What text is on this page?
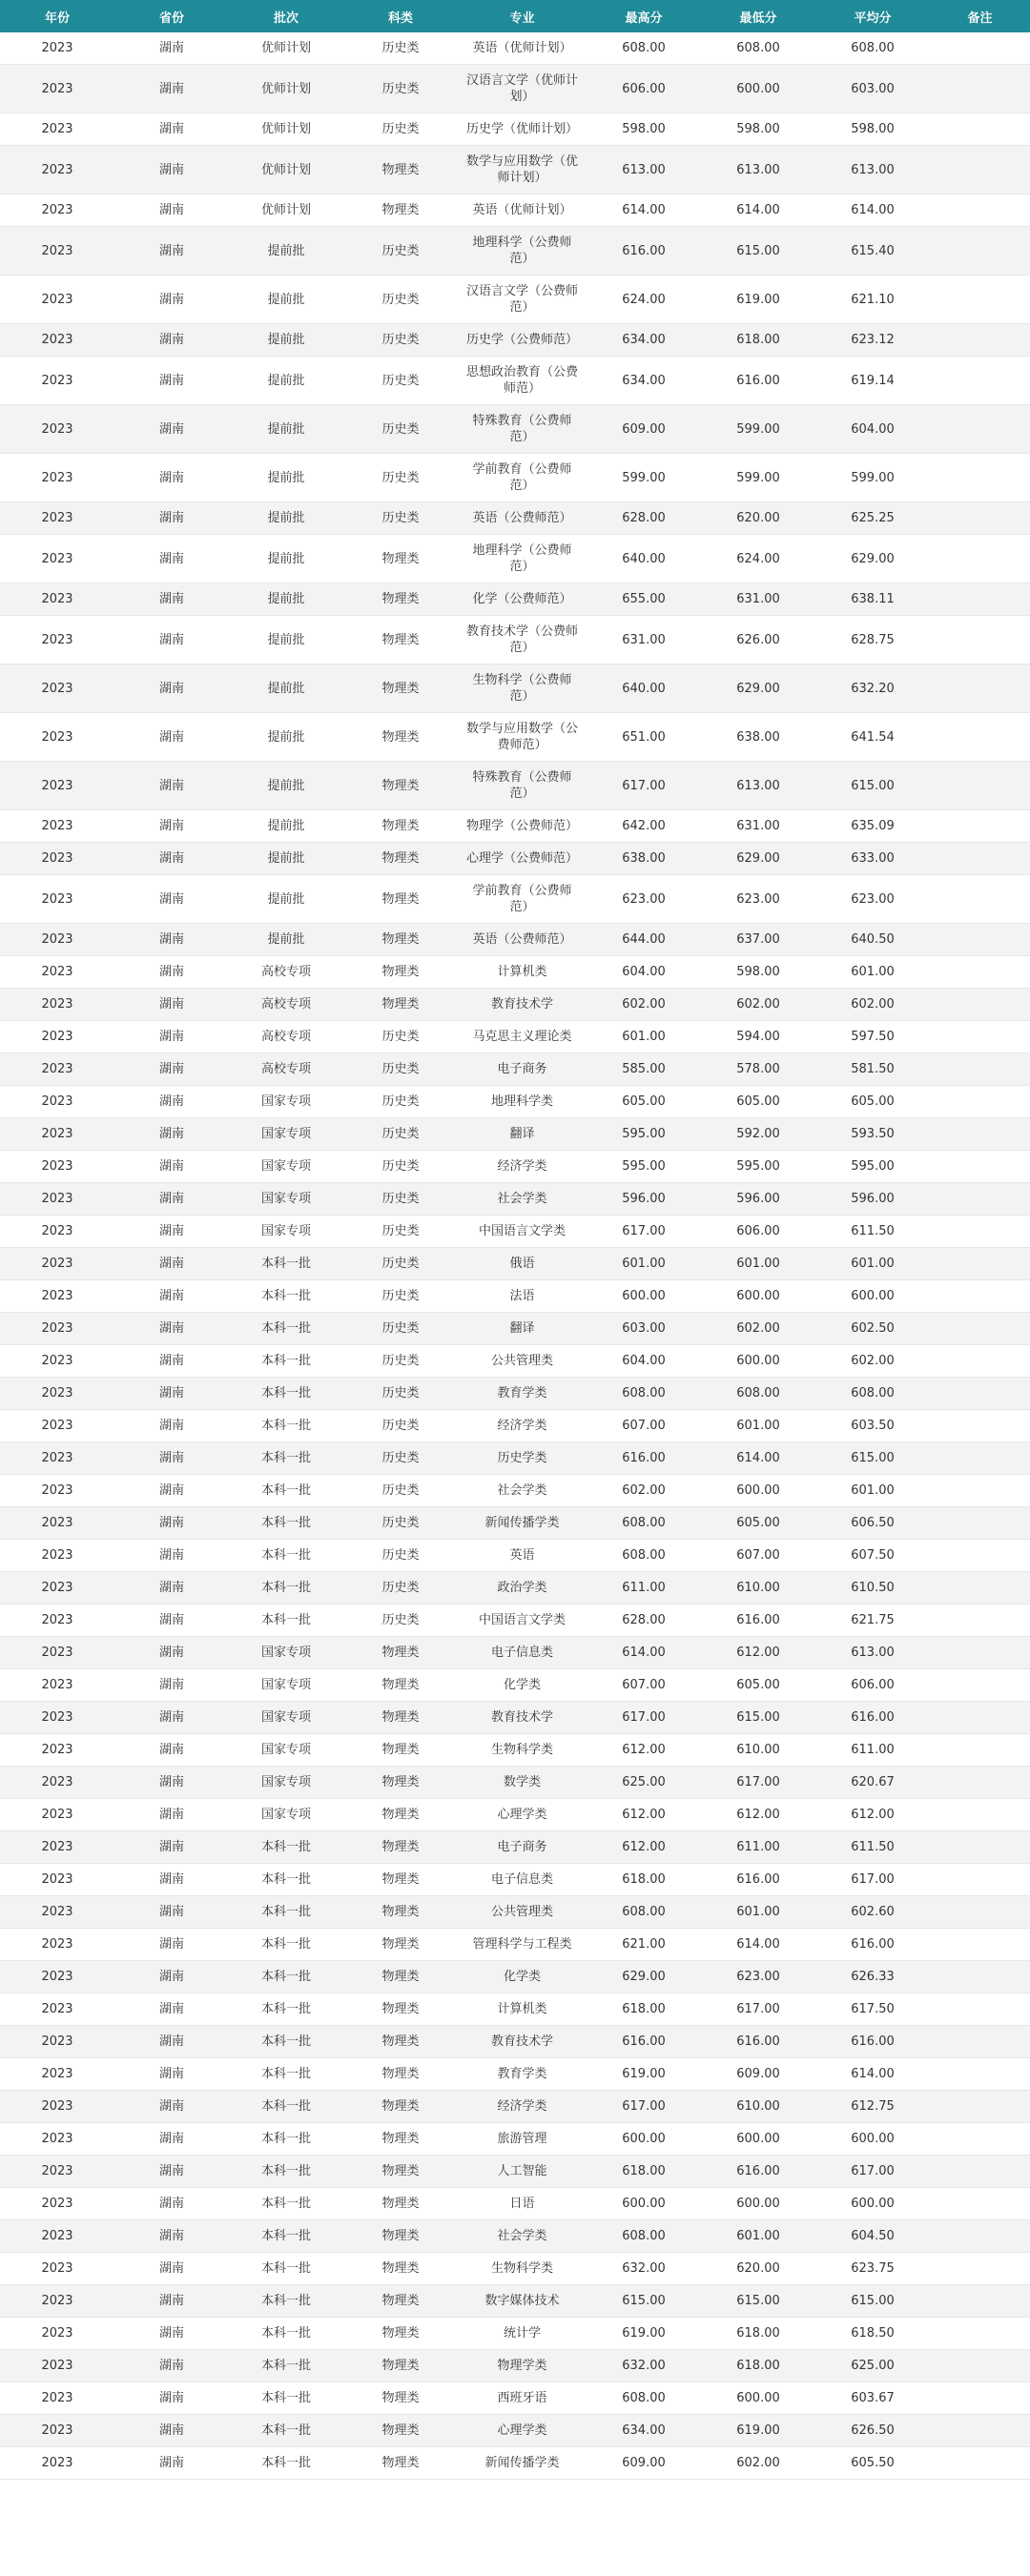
年份	省份	批次	科类	专业	最高分	最低分	平均分	备注
2023	湖南	优师计划	历史类	英语（优师计划）	608.00	608.00	608.00	
2023	湖南	优师计划	历史类	汉语言文学（优师计划）	606.00	600.00	603.00	
2023	湖南	优师计划	历史类	历史学（优师计划）	598.00	598.00	598.00	
2023	湖南	优师计划	物理类	数学与应用数学（优师计划）	613.00	613.00	613.00	
2023	湖南	优师计划	物理类	英语（优师计划）	614.00	614.00	614.00	
2023	湖南	提前批	历史类	地理科学（公费师范）	616.00	615.00	615.40	
2023	湖南	提前批	历史类	汉语言文学（公费师范）	624.00	619.00	621.10	
2023	湖南	提前批	历史类	历史学（公费师范）	634.00	618.00	623.12	
2023	湖南	提前批	历史类	思想政治教育（公费师范）	634.00	616.00	619.14	
2023	湖南	提前批	历史类	特殊教育（公费师范）	609.00	599.00	604.00	
2023	湖南	提前批	历史类	学前教育（公费师范）	599.00	599.00	599.00	
2023	湖南	提前批	历史类	英语（公费师范）	628.00	620.00	625.25	
2023	湖南	提前批	物理类	地理科学（公费师范）	640.00	624.00	629.00	
2023	湖南	提前批	物理类	化学（公费师范）	655.00	631.00	638.11	
2023	湖南	提前批	物理类	教育技术学（公费师范）	631.00	626.00	628.75	
2023	湖南	提前批	物理类	生物科学（公费师范）	640.00	629.00	632.20	
2023	湖南	提前批	物理类	数学与应用数学（公费师范）	651.00	638.00	641.54	
2023	湖南	提前批	物理类	特殊教育（公费师范）	617.00	613.00	615.00	
2023	湖南	提前批	物理类	物理学（公费师范）	642.00	631.00	635.09	
2023	湖南	提前批	物理类	心理学（公费师范）	638.00	629.00	633.00	
2023	湖南	提前批	物理类	学前教育（公费师范）	623.00	623.00	623.00	
2023	湖南	提前批	物理类	英语（公费师范）	644.00	637.00	640.50	
2023	湖南	高校专项	物理类	计算机类	604.00	598.00	601.00	
2023	湖南	高校专项	物理类	教育技术学	602.00	602.00	602.00	
2023	湖南	高校专项	历史类	马克思主义理论类	601.00	594.00	597.50	
2023	湖南	高校专项	历史类	电子商务	585.00	578.00	581.50	
2023	湖南	国家专项	历史类	地理科学类	605.00	605.00	605.00	
2023	湖南	国家专项	历史类	翻译	595.00	592.00	593.50	
2023	湖南	国家专项	历史类	经济学类	595.00	595.00	595.00	
2023	湖南	国家专项	历史类	社会学类	596.00	596.00	596.00	
2023	湖南	国家专项	历史类	中国语言文学类	617.00	606.00	611.50	
2023	湖南	本科一批	历史类	俄语	601.00	601.00	601.00	
2023	湖南	本科一批	历史类	法语	600.00	600.00	600.00	
2023	湖南	本科一批	历史类	翻译	603.00	602.00	602.50	
2023	湖南	本科一批	历史类	公共管理类	604.00	600.00	602.00	
2023	湖南	本科一批	历史类	教育学类	608.00	608.00	608.00	
2023	湖南	本科一批	历史类	经济学类	607.00	601.00	603.50	
2023	湖南	本科一批	历史类	历史学类	616.00	614.00	615.00	
2023	湖南	本科一批	历史类	社会学类	602.00	600.00	601.00	
2023	湖南	本科一批	历史类	新闻传播学类	608.00	605.00	606.50	
2023	湖南	本科一批	历史类	英语	608.00	607.00	607.50	
2023	湖南	本科一批	历史类	政治学类	611.00	610.00	610.50	
2023	湖南	本科一批	历史类	中国语言文学类	628.00	616.00	621.75	
2023	湖南	国家专项	物理类	电子信息类	614.00	612.00	613.00	
2023	湖南	国家专项	物理类	化学类	607.00	605.00	606.00	
2023	湖南	国家专项	物理类	教育技术学	617.00	615.00	616.00	
2023	湖南	国家专项	物理类	生物科学类	612.00	610.00	611.00	
2023	湖南	国家专项	物理类	数学类	625.00	617.00	620.67	
2023	湖南	国家专项	物理类	心理学类	612.00	612.00	612.00	
2023	湖南	本科一批	物理类	电子商务	612.00	611.00	611.50	
2023	湖南	本科一批	物理类	电子信息类	618.00	616.00	617.00	
2023	湖南	本科一批	物理类	公共管理类	608.00	601.00	602.60	
2023	湖南	本科一批	物理类	管理科学与工程类	621.00	614.00	616.00	
2023	湖南	本科一批	物理类	化学类	629.00	623.00	626.33	
2023	湖南	本科一批	物理类	计算机类	618.00	617.00	617.50	
2023	湖南	本科一批	物理类	教育技术学	616.00	616.00	616.00	
2023	湖南	本科一批	物理类	教育学类	619.00	609.00	614.00	
2023	湖南	本科一批	物理类	经济学类	617.00	610.00	612.75	
2023	湖南	本科一批	物理类	旅游管理	600.00	600.00	600.00	
2023	湖南	本科一批	物理类	人工智能	618.00	616.00	617.00	
2023	湖南	本科一批	物理类	日语	600.00	600.00	600.00	
2023	湖南	本科一批	物理类	社会学类	608.00	601.00	604.50	
2023	湖南	本科一批	物理类	生物科学类	632.00	620.00	623.75	
2023	湖南	本科一批	物理类	数字媒体技术	615.00	615.00	615.00	
2023	湖南	本科一批	物理类	统计学	619.00	618.00	618.50	
2023	湖南	本科一批	物理类	物理学类	632.00	618.00	625.00	
2023	湖南	本科一批	物理类	西班牙语	608.00	600.00	603.67	
2023	湖南	本科一批	物理类	心理学类	634.00	619.00	626.50	
2023	湖南	本科一批	物理类	新闻传播学类	609.00	602.00	605.50	
